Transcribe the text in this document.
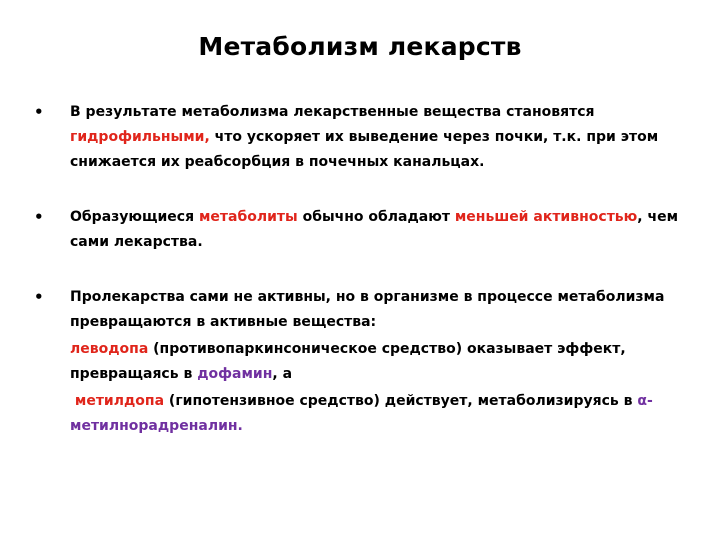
Метаболизм лекарств

•	В результате метаболизма лекарственные вещества становятся гидрофильными, что ускоряет их выведение через почки, т.к. при этом снижается их реабсорбция в почечных канальцах.

•	Образующиеся метаболиты обычно обладают меньшей активностью, чем сами лекарства.

•	Пролекарства сами не активны, но в организме в процессе метаболизма превращаются в активные вещества:

леводопа (противопаркинсоническое средство) оказывает эффект, превращаясь в дофамин, а

метилдопа (гипотензивное средство) действует, метаболизируясь в α-метилнорадреналин.
